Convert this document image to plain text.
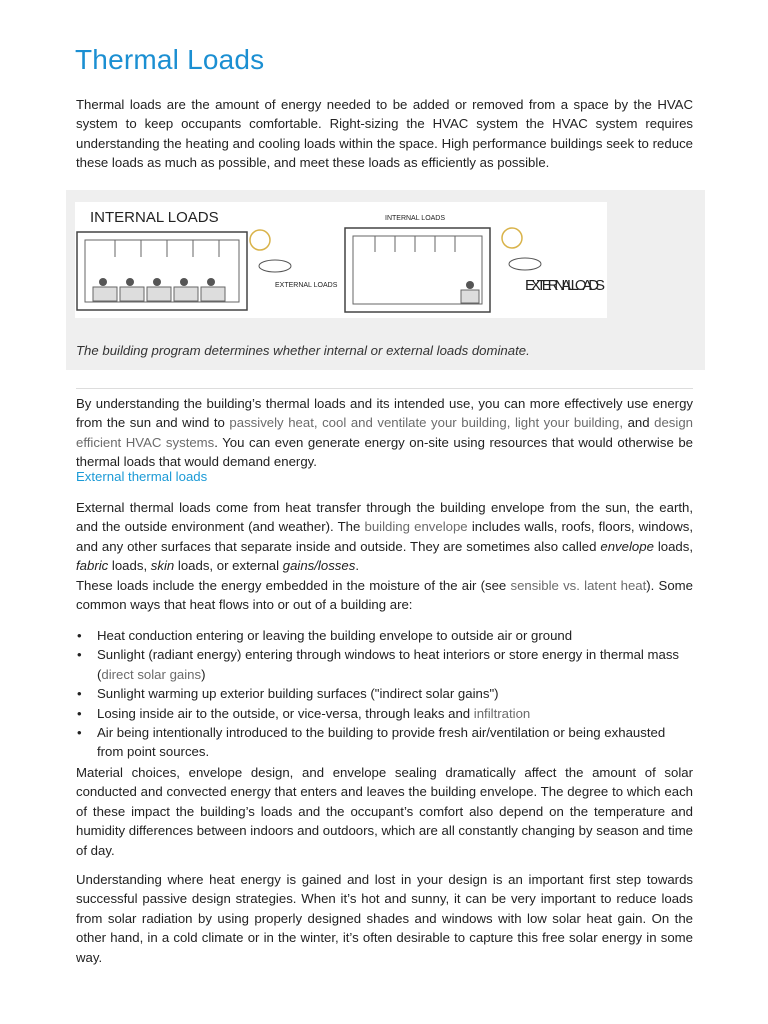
Thermal Loads

Thermal loads are the amount of energy needed to be added or removed from a space by the HVAC system to keep occupants comfortable. Right-sizing the HVAC system the HVAC system requires understanding the heating and cooling loads within the space. High performance buildings seek to reduce these loads as much as possible, and meet these loads as efficiently as possible.

INTERNAL LOADS
EXTERNAL LOADS
INTERNAL LOADS
EXTERNAL LOADS
The building program determines whether internal or external loads dominate.

By understanding the building’s thermal loads and its intended use, you can more effectively use energy from the sun and wind to passively heat, cool and ventilate your building, light your building, and design efficient HVAC systems. You can even generate energy on-site using resources that would otherwise be thermal loads that would demand energy.

External thermal loads

External thermal loads come from heat transfer through the building envelope from the sun, the earth, and the outside environment (and weather). The building envelope includes walls, roofs, floors, windows, and any other surfaces that separate inside and outside. They are sometimes also called envelope loads, fabric loads, skin loads, or external gains/losses.
These loads include the energy embedded in the moisture of the air (see sensible vs. latent heat). Some common ways that heat flows into or out of a building are:

• Heat conduction entering or leaving the building envelope to outside air or ground
• Sunlight (radiant energy) entering through windows to heat interiors or store energy in thermal mass (direct solar gains)
• Sunlight warming up exterior building surfaces ("indirect solar gains")
• Losing inside air to the outside, or vice-versa, through leaks and infiltration
• Air being intentionally introduced to the building to provide fresh air/ventilation or being exhausted from point sources.

Material choices, envelope design, and envelope sealing dramatically affect the amount of solar conducted and convected energy that enters and leaves the building envelope. The degree to which each of these impact the building’s loads and the occupant’s comfort also depend on the temperature and humidity differences between indoors and outdoors, which are all constantly changing by season and time of day.

Understanding where heat energy is gained and lost in your design is an important first step towards successful passive design strategies. When it’s hot and sunny, it can be very important to reduce loads from solar radiation by using properly designed shades and windows with low solar heat gain. On the other hand, in a cold climate or in the winter, it’s often desirable to capture this free solar energy in some way.
